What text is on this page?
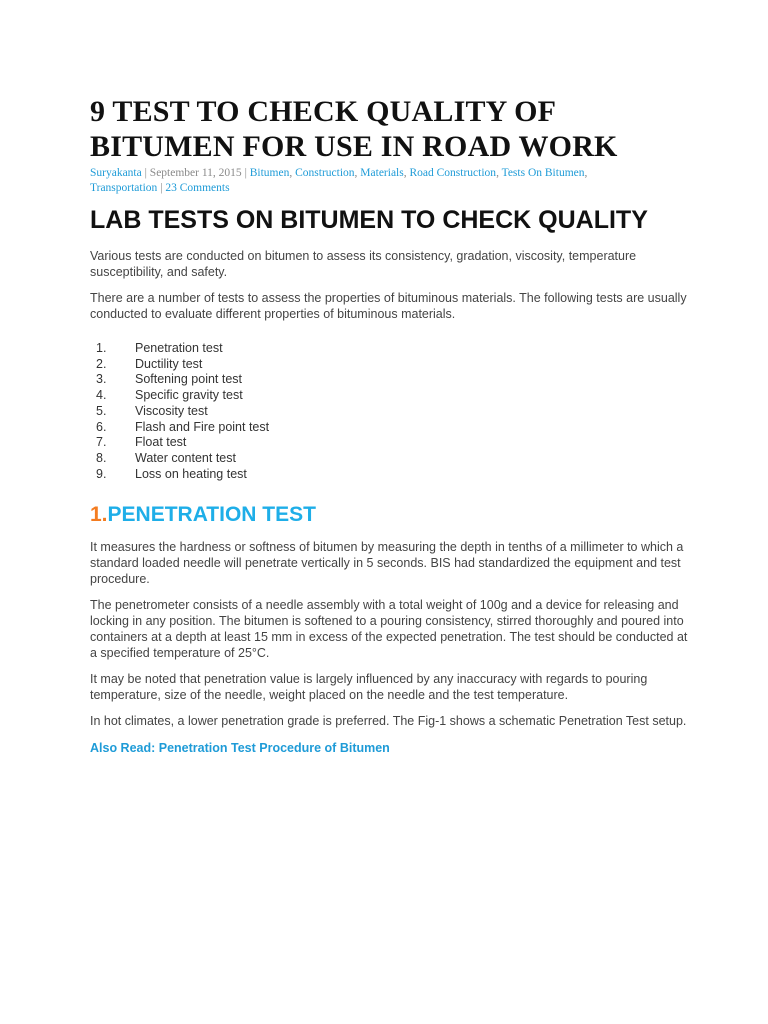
9 TEST TO CHECK QUALITY OF BITUMEN FOR USE IN ROAD WORK
Suryakanta | September 11, 2015 | Bitumen, Construction, Materials, Road Construction, Tests On Bitumen, Transportation | 23 Comments
LAB TESTS ON BITUMEN TO CHECK QUALITY

Various tests are conducted on bitumen to assess its consistency, gradation, viscosity, temperature susceptibility, and safety.

There are a number of tests to assess the properties of bituminous materials. The following tests are usually conducted to evaluate different properties of bituminous materials.

1.	Penetration test
2.	Ductility test
3.	Softening point test
4.	Specific gravity test
5.	Viscosity test
6.	Flash and Fire point test
7.	Float test
8.	Water content test
9.	Loss on heating test
1.PENETRATION TEST

It measures the hardness or softness of bitumen by measuring the depth in tenths of a millimeter to which a standard loaded needle will penetrate vertically in 5 seconds. BIS had standardized the equipment and test procedure.

The penetrometer consists of a needle assembly with a total weight of 100g and a device for releasing and locking in any position. The bitumen is softened to a pouring consistency, stirred thoroughly and poured into containers at a depth at least 15 mm in excess of the expected penetration. The test should be conducted at a specified temperature of 25°C.

It may be noted that penetration value is largely influenced by any inaccuracy with regards to pouring temperature, size of the needle, weight placed on the needle and the test temperature.

In hot climates, a lower penetration grade is preferred. The Fig-1 shows a schematic Penetration Test setup.

Also Read: Penetration Test Procedure of Bitumen
